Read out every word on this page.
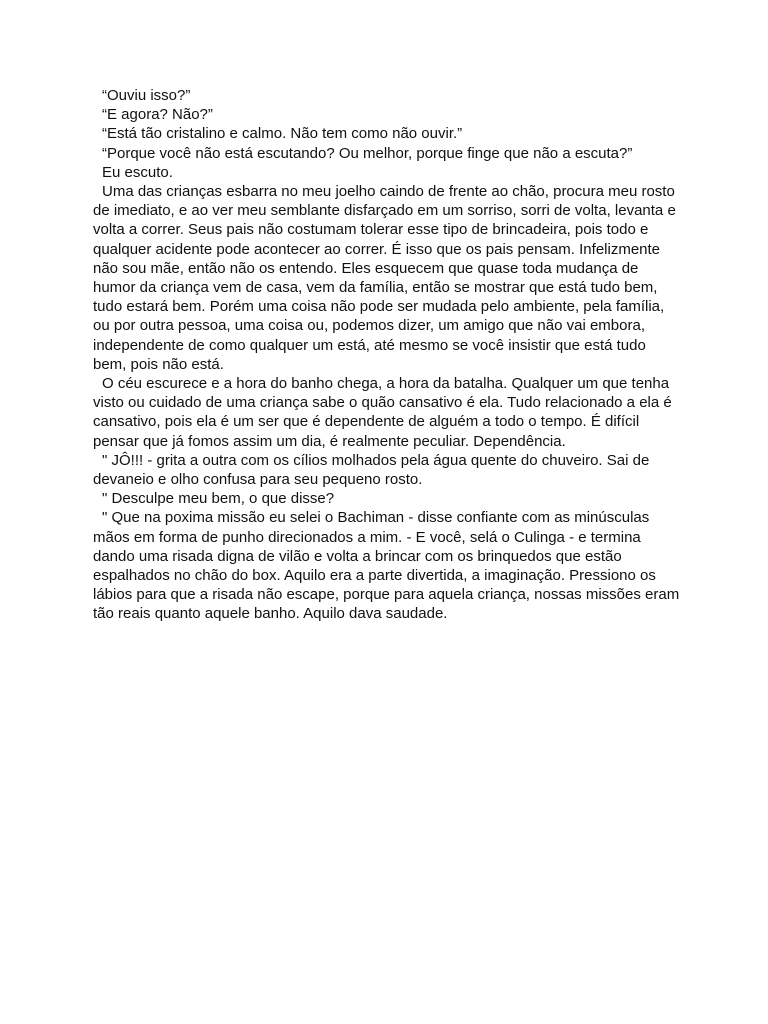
“Ouviu isso?”

“E agora? Não?”

“Está tão cristalino e calmo. Não tem como não ouvir.”

“Porque você não está escutando? Ou melhor, porque finge que não a escuta?”

Eu escuto.

Uma das crianças esbarra no meu joelho caindo de frente ao chão, procura meu rosto de imediato, e ao ver meu semblante disfarçado em um sorriso, sorri de volta, levanta e volta a correr. Seus pais não costumam tolerar esse tipo de brincadeira, pois todo e qualquer acidente pode acontecer ao correr. É isso que os pais pensam. Infelizmente não sou mãe, então não os entendo. Eles esquecem que quase toda mudança de humor da criança vem de casa, vem da família, então se mostrar que está tudo bem, tudo estará bem. Porém uma coisa não pode ser mudada pelo ambiente, pela família, ou por outra pessoa, uma coisa ou, podemos dizer, um amigo que não vai embora, independente de como qualquer um está, até mesmo se você insistir que está tudo bem, pois não está.

O céu escurece e a hora do banho chega, a hora da batalha. Qualquer um que tenha visto ou cuidado de uma criança sabe o quão cansativo é ela. Tudo relacionado a ela é cansativo, pois ela é um ser que é dependente de alguém a todo o tempo. É difícil pensar que já fomos assim um dia, é realmente peculiar. Dependência.

" JÔ!!! - grita a outra com os cílios molhados pela água quente do chuveiro. Sai de devaneio e olho confusa para seu pequeno rosto.

" Desculpe meu bem, o que disse?

" Que na poxima missão eu selei o Bachiman - disse confiante com as minúsculas mãos em forma de punho direcionados a mim. - E você, selá o Culinga - e termina dando uma risada digna de vilão e volta a brincar com os brinquedos que estão espalhados no chão do box. Aquilo era a parte divertida, a imaginação. Pressiono os lábios para que a risada não escape, porque para aquela criança, nossas missões eram tão reais quanto aquele banho. Aquilo dava saudade.
